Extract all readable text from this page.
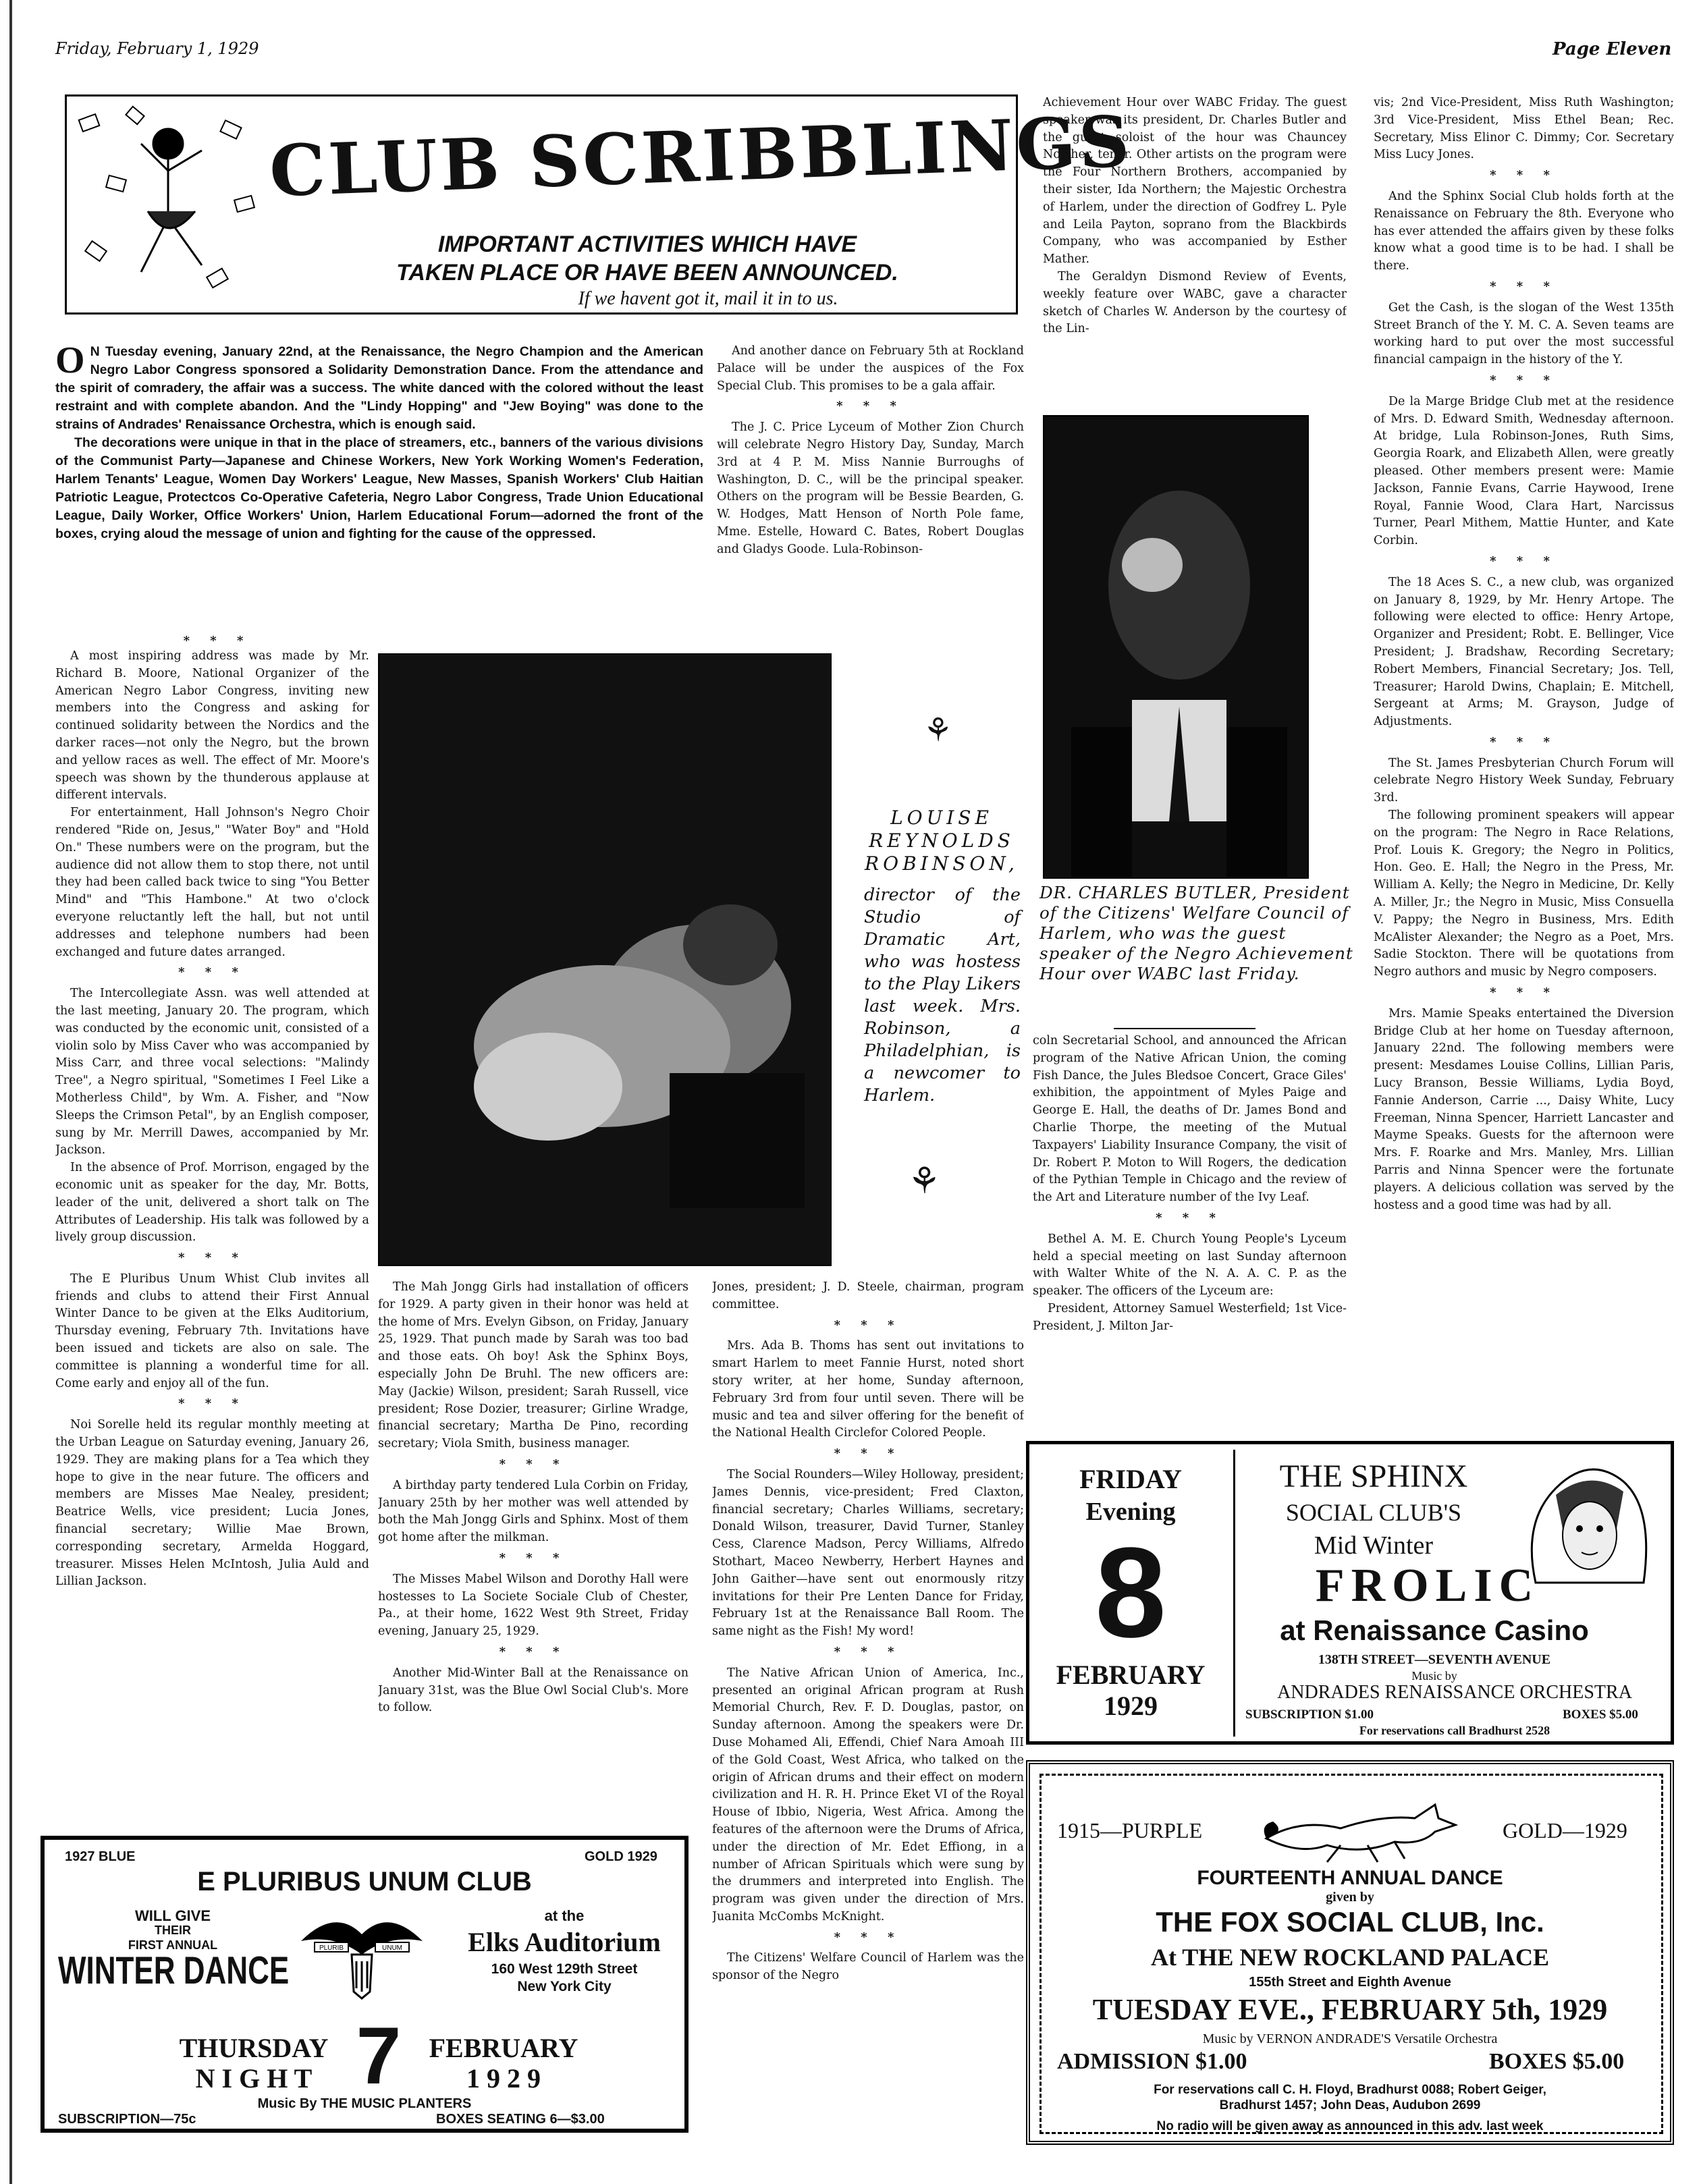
Friday, February 1, 1929	Page Eleven
CLUB SCRIBBLINGS
IMPORTANT ACTIVITIES WHICH HAVE
TAKEN PLACE OR HAVE BEEN ANNOUNCED.
If we havent got it, mail it in to us.
O N Tuesday evening, January 22nd, at the Renaissance, the Negro Champion and the American Negro Labor Congress sponsored a Solidarity Demonstration Dance. From the attendance and the spirit of comradery, the affair was a success. The white danced with the colored without the least restraint and with complete abandon. And the "Lindy Hopping" and "Jew Boying" was done to the strains of Andrades' Renaissance Orchestra, which is enough said.

The decorations were unique in that in the place of streamers, etc., banners of the various divisions of the Communist Party—Japanese and Chinese Workers, New York Working Women's Federation, Harlem Tenants' League, Women Day Workers' League, New Masses, Spanish Workers' Club Haitian Patriotic League, Protectcos Co-Operative Cafeteria, Negro Labor Congress, Trade Union Educational League, Daily Worker, Office Workers' Union, Harlem Educational Forum—adorned the front of the boxes, crying aloud the message of union and fighting for the cause of the oppressed.

* * *

A most inspiring address was made by Mr. Richard B. Moore, National Organizer of the American Negro Labor Congress, inviting new members into the Congress and asking for continued solidarity between the Nordics and the darker races—not only the Negro, but the brown and yellow races as well. The effect of Mr. Moore's speech was shown by the thunderous applause at different intervals.

For entertainment, Hall Johnson's Negro Choir rendered "Ride on, Jesus," "Water Boy" and "Hold On." These numbers were on the program, but the audience did not allow them to stop there, not until they had been called back twice to sing "You Better Mind" and "This Hambone." At two o'clock everyone reluctantly left the hall, but not until addresses and telephone numbers had been exchanged and future dates arranged.

* * *

The Intercollegiate Assn. was well attended at the last meeting, January 20. The program, which was conducted by the economic unit, consisted of a violin solo by Miss Caver who was accompanied by Miss Carr, and three vocal selections: "Malindy Tree", a Negro spiritual, "Sometimes I Feel Like a Motherless Child", by Wm. A. Fisher, and "Now Sleeps the Crimson Petal", by an English composer, sung by Mr. Merrill Dawes, accompanied by Mr. Jackson.

In the absence of Prof. Morrison, engaged by the economic unit as speaker for the day, Mr. Botts, leader of the unit, delivered a short talk on The Attributes of Leadership. His talk was followed by a lively group discussion.

* * *

The E Pluribus Unum Whist Club invites all friends and clubs to attend their First Annual Winter Dance to be given at the Elks Auditorium, Thursday evening, February 7th. Invitations have been issued and tickets are also on sale. The committee is planning a wonderful time for all. Come early and enjoy all of the fun.

* * *

Noi Sorelle held its regular monthly meeting at the Urban League on Saturday evening, January 26, 1929. They are making plans for a Tea which they hope to give in the near future. The officers and members are Misses Mae Nealey, president; Beatrice Wells, vice president; Lucia Jones, financial secretary; Willie Mae Brown, corresponding secretary, Armelda Hoggard, treasurer. Misses Helen McIntosh, Julia Auld and Lillian Jackson.

And another dance on February 5th at Rockland Palace will be under the auspices of the Fox Special Club. This promises to be a gala affair.

* * *

The J. C. Price Lyceum of Mother Zion Church will celebrate Negro History Day, Sunday, March 3rd at 4 P. M. Miss Nannie Burroughs of Washington, D. C., will be the principal speaker. Others on the program will be Bessie Bearden, G. W. Hodges, Matt Henson of North Pole fame, Mme. Estelle, Howard C. Bates, Robert Douglas and Gladys Goode. Lula-Robinson-

⚘
⚘
LOUISE REYNOLDS ROBINSON,
director of the Studio of Dramatic Art, who was hostess to the Play Likers last week. Mrs. Robinson, a Philadelphian, is a newcomer to Harlem.

The Mah Jongg Girls had installation of officers for 1929. A party given in their honor was held at the home of Mrs. Evelyn Gibson, on Friday, January 25, 1929. That punch made by Sarah was too bad and those eats. Oh boy! Ask the Sphinx Boys, especially John De Bruhl. The new officers are: May (Jackie) Wilson, president; Sarah Russell, vice president; Rose Dozier, treasurer; Girline Wradge, financial secretary; Martha De Pino, recording secretary; Viola Smith, business manager.

* * *

A birthday party tendered Lula Corbin on Friday, January 25th by her mother was well attended by both the Mah Jongg Girls and Sphinx. Most of them got home after the milkman.

* * *

The Misses Mabel Wilson and Dorothy Hall were hostesses to La Societe Sociale Club of Chester, Pa., at their home, 1622 West 9th Street, Friday evening, January 25, 1929.

* * *

Another Mid-Winter Ball at the Renaissance on January 31st, was the Blue Owl Social Club's. More to follow.

Jones, president; J. D. Steele, chairman, program committee.

* * *

Mrs. Ada B. Thoms has sent out invitations to smart Harlem to meet Fannie Hurst, noted short story writer, at her home, Sunday afternoon, February 3rd from four until seven. There will be music and tea and silver offering for the benefit of the National Health Circlefor Colored People.

* * *

The Social Rounders—Wiley Holloway, president; James Dennis, vice-president; Fred Claxton, financial secretary; Charles Williams, secretary; Donald Wilson, treasurer, David Turner, Stanley Cess, Clarence Madson, Percy Williams, Alfredo Stothart, Maceo Newberry, Herbert Haynes and John Gaither—have sent out enormously ritzy invitations for their Pre Lenten Dance for Friday, February 1st at the Renaissance Ball Room. The same night as the Fish! My word!

* * *

The Native African Union of America, Inc., presented an original African program at Rush Memorial Church, Rev. F. D. Douglas, pastor, on Sunday afternoon. Among the speakers were Dr. Duse Mohamed Ali, Effendi, Chief Nara Amoah III of the Gold Coast, West Africa, who talked on the origin of African drums and their effect on modern civilization and H. R. H. Prince Eket VI of the Royal House of Ibbio, Nigeria, West Africa. Among the features of the afternoon were the Drums of Africa, under the direction of Mr. Edet Effiong, in a number of African Spirituals which were sung by the drummers and interpreted into English. The program was given under the direction of Mrs. Juanita McCombs McKnight.

* * *

The Citizens' Welfare Council of Harlem was the sponsor of the Negro

Achievement Hour over WABC Friday. The guest speaker was its president, Dr. Charles Butler and the guest soloist of the hour was Chauncey Norther, tenor. Other artists on the program were the Four Northern Brothers, accompanied by their sister, Ida Northern; the Majestic Orchestra of Harlem, under the direction of Godfrey L. Pyle and Leila Payton, soprano from the Blackbirds Company, who was accompanied by Esther Mather.

The Geraldyn Dismond Review of Events, weekly feature over WABC, gave a character sketch of Charles W. Anderson by the courtesy of the Lin-

DR. CHARLES BUTLER, President of the Citizens' Welfare Council of Harlem, who was the guest speaker of the Negro Achievement Hour over WABC last Friday.

coln Secretarial School, and announced the African program of the Native African Union, the coming Fish Dance, the Jules Bledsoe Concert, Grace Giles' exhibition, the appointment of Myles Paige and George E. Hall, the deaths of Dr. James Bond and Charlie Thorpe, the meeting of the Mutual Taxpayers' Liability Insurance Company, the visit of Dr. Robert P. Moton to Will Rogers, the dedication of the Pythian Temple in Chicago and the review of the Art and Literature number of the Ivy Leaf.

* * *

Bethel A. M. E. Church Young People's Lyceum held a special meeting on last Sunday afternoon with Walter White of the N. A. A. C. P. as the speaker. The officers of the Lyceum are:

President, Attorney Samuel Westerfield; 1st Vice-President, J. Milton Jar-

vis; 2nd Vice-President, Miss Ruth Washington; 3rd Vice-President, Miss Ethel Bean; Rec. Secretary, Miss Elinor C. Dimmy; Cor. Secretary Miss Lucy Jones.

* * *

And the Sphinx Social Club holds forth at the Renaissance on February the 8th. Everyone who has ever attended the affairs given by these folks know what a good time is to be had. I shall be there.

* * *

Get the Cash, is the slogan of the West 135th Street Branch of the Y. M. C. A. Seven teams are working hard to put over the most successful financial campaign in the history of the Y.

* * *

De la Marge Bridge Club met at the residence of Mrs. D. Edward Smith, Wednesday afternoon. At bridge, Lula Robinson-Jones, Ruth Sims, Georgia Roark, and Elizabeth Allen, were greatly pleased. Other members present were: Mamie Jackson, Fannie Evans, Carrie Haywood, Irene Royal, Fannie Wood, Clara Hart, Narcissus Turner, Pearl Mithem, Mattie Hunter, and Kate Corbin.

* * *

The 18 Aces S. C., a new club, was organized on January 8, 1929, by Mr. Henry Artope. The following were elected to office: Henry Artope, Organizer and President; Robt. E. Bellinger, Vice President; J. Bradshaw, Recording Secretary; Robert Members, Financial Secretary; Jos. Tell, Treasurer; Harold Dwins, Chaplain; E. Mitchell, Sergeant at Arms; M. Grayson, Judge of Adjustments.

* * *

The St. James Presbyterian Church Forum will celebrate Negro History Week Sunday, February 3rd.

The following prominent speakers will appear on the program: The Negro in Race Relations, Prof. Louis K. Gregory; the Negro in Politics, Hon. Geo. E. Hall; the Negro in the Press, Mr. William A. Kelly; the Negro in Medicine, Dr. Kelly A. Miller, Jr.; the Negro in Music, Miss Consuella V. Pappy; the Negro in Business, Mrs. Edith McAlister Alexander; the Negro as a Poet, Mrs. Sadie Stockton. There will be quotations from Negro authors and music by Negro composers.

* * *

Mrs. Mamie Speaks entertained the Diversion Bridge Club at her home on Tuesday afternoon, January 22nd. The following members were present: Mesdames Louise Collins, Lillian Paris, Lucy Branson, Bessie Williams, Lydia Boyd, Fannie Anderson, Carrie ..., Daisy White, Lucy Freeman, Ninna Spencer, Harriett Lancaster and Mayme Speaks. Guests for the afternoon were Mrs. F. Roarke and Mrs. Manley, Mrs. Lillian Parris and Ninna Spencer were the fortunate players. A delicious collation was served by the hostess and a good time was had by all.

1927 BLUE	GOLD 1929
E PLURIBUS UNUM CLUB
WILL GIVE
THEIR
FIRST ANNUAL
WINTER DANCE
PLURIB	UNUM
at the
Elks Auditorium
160 West 129th Street
New York City
THURSDAY
N I G H T 7	FEBRUARY
1 9 2 9
Music By THE MUSIC PLANTERS
SUBSCRIPTION—75c	BOXES SEATING 6—$3.00
FRIDAY
Evening
8
FEBRUARY
1929
THE SPHINX
SOCIAL CLUB'S
Mid Winter
FROLIC
at Renaissance Casino
138TH STREET—SEVENTH AVENUE
Music by
ANDRADES RENAISSANCE ORCHESTRA
SUBSCRIPTION $1.00	BOXES $5.00
For reservations call Bradhurst 2528
1915—PURPLE	GOLD—1929
FOURTEENTH ANNUAL DANCE
given by
THE FOX SOCIAL CLUB, Inc.
At THE NEW ROCKLAND PALACE
155th Street and Eighth Avenue
TUESDAY EVE., FEBRUARY 5th, 1929
Music by VERNON ANDRADE'S Versatile Orchestra
ADMISSION $1.00	BOXES $5.00
For reservations call C. H. Floyd, Bradhurst 0088; Robert Geiger,
Bradhurst 1457; John Deas, Audubon 2699
No radio will be given away as announced in this adv. last week
